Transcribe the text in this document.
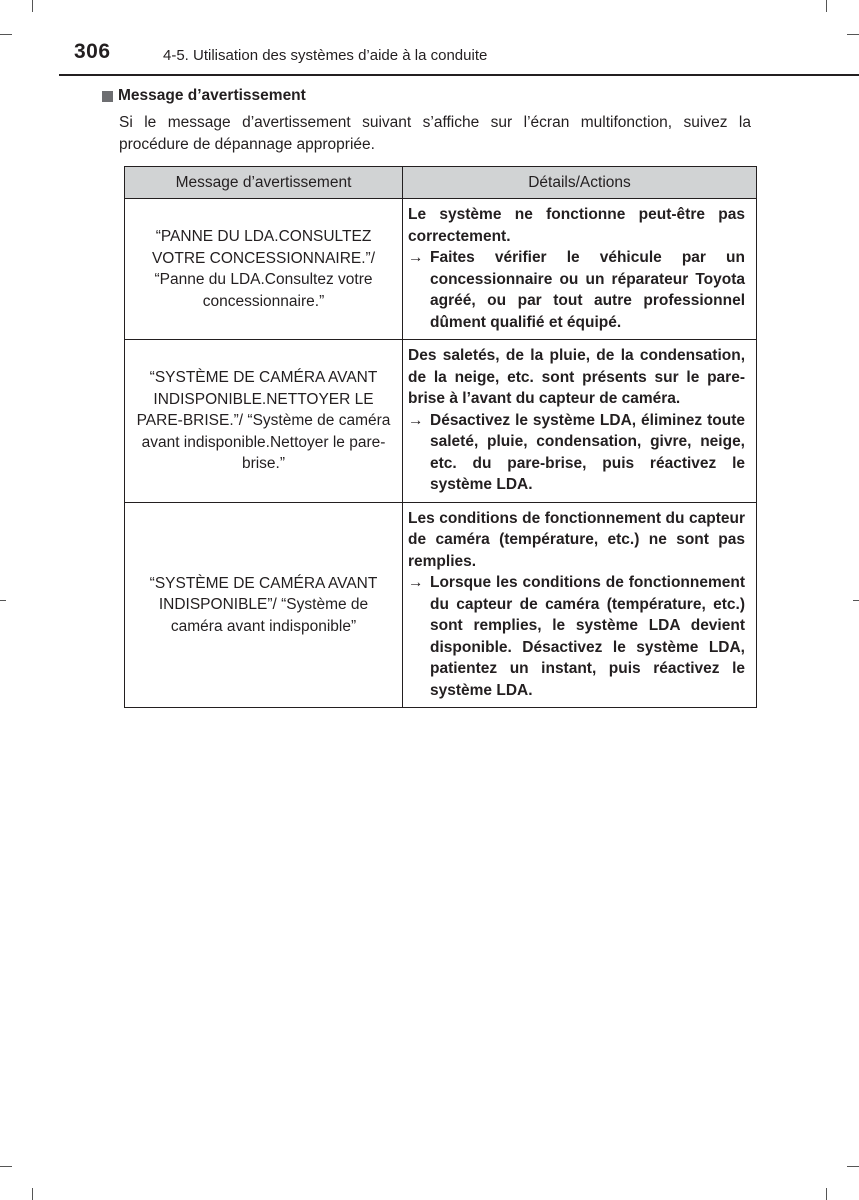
306	4-5. Utilisation des systèmes d’aide à la conduite
Message d’avertissement
Si le message d’avertissement suivant s’affiche sur l’écran multifonction, suivez la procédure de dépannage appropriée.
Message d’avertissement	Détails/Actions
“PANNE DU LDA.CONSULTEZ VOTRE CONCESSIONNAIRE.”/ “Panne du LDA.Consultez votre concessionnaire.”	Le système ne fonctionne peut-être pas correctement.
→ Faites vérifier le véhicule par un concessionnaire ou un réparateur Toyota agréé, ou par tout autre professionnel dûment qualifié et équipé.

“SYSTÈME DE CAMÉRA AVANT INDISPONIBLE.NETTOYER LE PARE-BRISE.”/ “Système de caméra avant indisponible.Nettoyer le pare-brise.”	Des saletés, de la pluie, de la condensation, de la neige, etc. sont présents sur le pare-brise à l’avant du capteur de caméra.
→ Désactivez le système LDA, éliminez toute saleté, pluie, condensation, givre, neige, etc. du pare-brise, puis réactivez le système LDA.

“SYSTÈME DE CAMÉRA AVANT INDISPONIBLE”/ “Système de caméra avant indisponible”	Les conditions de fonctionnement du capteur de caméra (température, etc.) ne sont pas remplies.
→ Lorsque les conditions de fonctionnement du capteur de caméra (température, etc.) sont remplies, le système LDA devient disponible. Désactivez le système LDA, patientez un instant, puis réactivez le système LDA.
